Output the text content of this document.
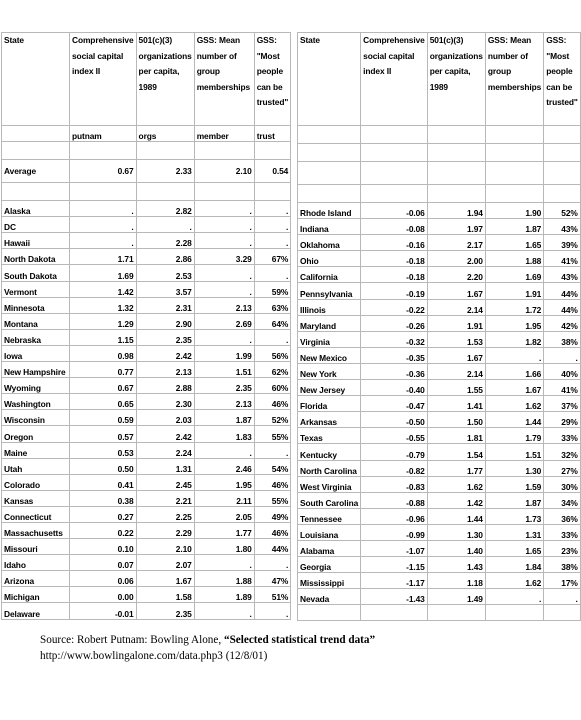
State	Comprehensive social capital index II	501(c)(3) organizations per capita, 1989	GSS: Mean number of group memberships	GSS: "Most people can be trusted"
	putnam	orgs	member	trust

Average	0.67	2.33	2.10	0.54

Alaska	.	2.82	.	.
DC	.	.	.	.
Hawaii	.	2.28	.	.
North Dakota	1.71	2.86	3.29	67%
South Dakota	1.69	2.53	.	.
Vermont	1.42	3.57	.	59%
Minnesota	1.32	2.31	2.13	63%
Montana	1.29	2.90	2.69	64%
Nebraska	1.15	2.35	.	.
Iowa	0.98	2.42	1.99	56%
New Hampshire	0.77	2.13	1.51	62%
Wyoming	0.67	2.88	2.35	60%
Washington	0.65	2.30	2.13	46%
Wisconsin	0.59	2.03	1.87	52%
Oregon	0.57	2.42	1.83	55%
Maine	0.53	2.24	.	.
Utah	0.50	1.31	2.46	54%
Colorado	0.41	2.45	1.95	46%
Kansas	0.38	2.21	2.11	55%
Connecticut	0.27	2.25	2.05	49%
Massachusetts	0.22	2.29	1.77	46%
Missouri	0.10	2.10	1.80	44%
Idaho	0.07	2.07	.	.
Arizona	0.06	1.67	1.88	47%
Michigan	0.00	1.58	1.89	51%
Delaware	-0.01	2.35	.	.
State	Comprehensive social capital index II	501(c)(3) organizations per capita, 1989	GSS: Mean number of group memberships	GSS: "Most people can be trusted"

Rhode Island	-0.06	1.94	1.90	52%
Indiana	-0.08	1.97	1.87	43%
Oklahoma	-0.16	2.17	1.65	39%
Ohio	-0.18	2.00	1.88	41%
California	-0.18	2.20	1.69	43%
Pennsylvania	-0.19	1.67	1.91	44%
Illinois	-0.22	2.14	1.72	44%
Maryland	-0.26	1.91	1.95	42%
Virginia	-0.32	1.53	1.82	38%
New Mexico	-0.35	1.67	.	.
New York	-0.36	2.14	1.66	40%
New Jersey	-0.40	1.55	1.67	41%
Florida	-0.47	1.41	1.62	37%
Arkansas	-0.50	1.50	1.44	29%
Texas	-0.55	1.81	1.79	33%
Kentucky	-0.79	1.54	1.51	32%
North Carolina	-0.82	1.77	1.30	27%
West Virginia	-0.83	1.62	1.59	30%
South Carolina	-0.88	1.42	1.87	34%
Tennessee	-0.96	1.44	1.73	36%
Louisiana	-0.99	1.30	1.31	33%
Alabama	-1.07	1.40	1.65	23%
Georgia	-1.15	1.43	1.84	38%
Mississippi	-1.17	1.18	1.62	17%
Nevada	-1.43	1.49	.	.

Source: Robert Putnam: Bowling Alone, “Selected statistical trend data”
http://www.bowlingalone.com/data.php3 (12/8/01)
